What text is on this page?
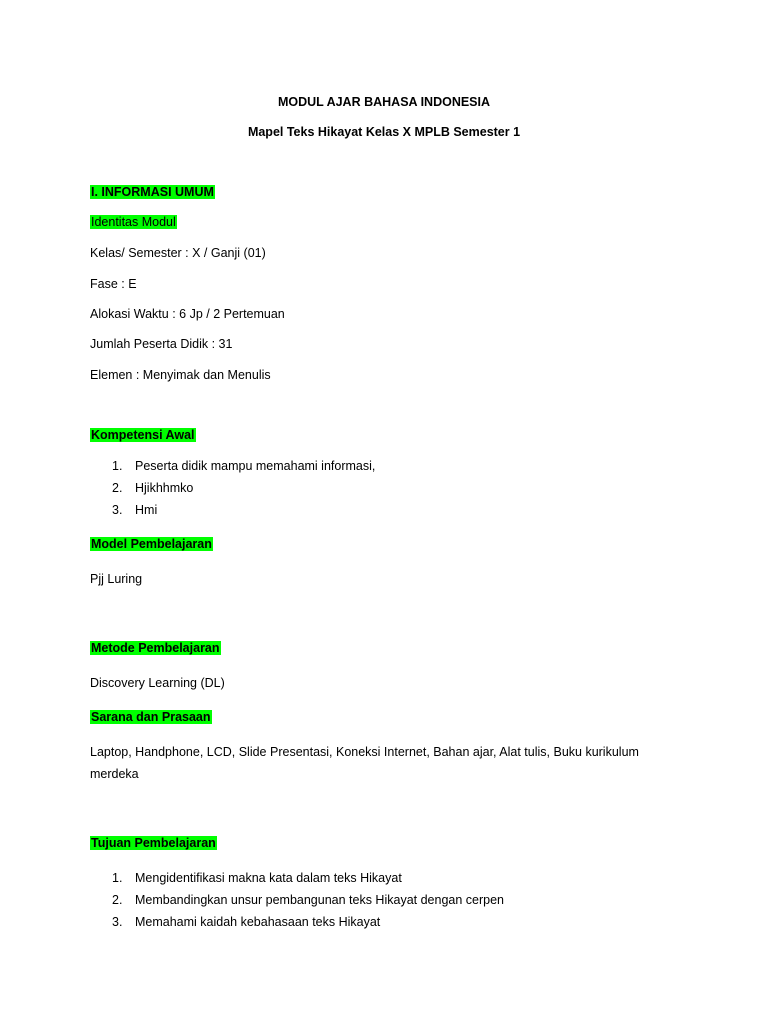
MODUL AJAR BAHASA INDONESIA
Mapel Teks Hikayat Kelas X MPLB Semester 1
I. INFORMASI UMUM
Identitas Modul
Kelas/ Semester : X / Ganji (01)
Fase : E
Alokasi Waktu : 6 Jp / 2 Pertemuan
Jumlah Peserta Didik : 31
Elemen : Menyimak dan Menulis
Kompetensi Awal
1. Peserta didik mampu memahami informasi,
2. Hjikhhmko
3. Hmi
Model Pembelajaran
Pjj Luring
Metode Pembelajaran
Discovery Learning (DL)
Sarana dan Prasaan
Laptop, Handphone, LCD, Slide Presentasi, Koneksi Internet, Bahan ajar, Alat tulis, Buku kurikulum
merdeka
Tujuan Pembelajaran
1. Mengidentifikasi makna kata dalam teks Hikayat
2. Membandingkan unsur pembangunan teks Hikayat dengan cerpen
3. Memahami kaidah kebahasaan teks Hikayat
